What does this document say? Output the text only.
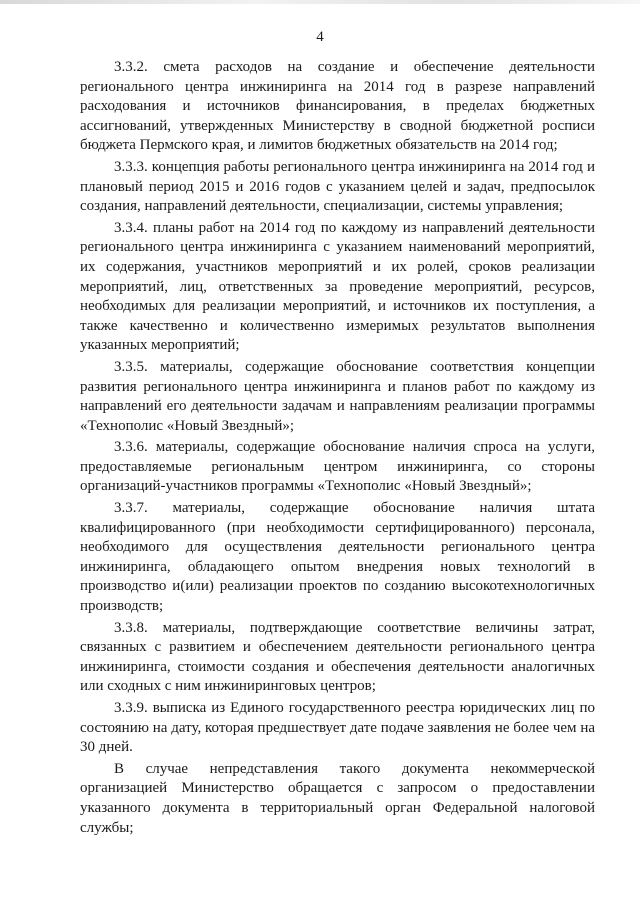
4

3.3.2. смета расходов на создание и обеспечение деятельности регионального центра инжиниринга на 2014 год в разрезе направлений расходования и источников финансирования, в пределах бюджетных ассигнований, утвержденных Министерству в сводной бюджетной росписи бюджета Пермского края, и лимитов бюджетных обязательств на 2014 год;

3.3.3. концепция работы регионального центра инжиниринга на 2014 год и плановый период 2015 и 2016 годов с указанием целей и задач, предпосылок создания, направлений деятельности, специализации, системы управления;

3.3.4. планы работ на 2014 год по каждому из направлений деятельности регионального центра инжиниринга с указанием наименований мероприятий, их содержания, участников мероприятий и их ролей, сроков реализации мероприятий, лиц, ответственных за проведение мероприятий, ресурсов, необходимых для реализации мероприятий, и источников их поступления, а также качественно и количественно измеримых результатов выполнения указанных мероприятий;

3.3.5. материалы, содержащие обоснование соответствия концепции развития регионального центра инжиниринга и планов работ по каждому из направлений его деятельности задачам и направлениям реализации программы «Технополис «Новый Звездный»;

3.3.6. материалы, содержащие обоснование наличия спроса на услуги, предоставляемые региональным центром инжиниринга, со стороны организаций-участников программы «Технополис «Новый Звездный»;

3.3.7. материалы, содержащие обоснование наличия штата квалифицированного (при необходимости сертифицированного) персонала, необходимого для осуществления деятельности регионального центра инжиниринга, обладающего опытом внедрения новых технологий в производство и(или) реализации проектов по созданию высокотехнологичных производств;

3.3.8. материалы, подтверждающие соответствие величины затрат, связанных с развитием и обеспечением деятельности регионального центра инжиниринга, стоимости создания и обеспечения деятельности аналогичных или сходных с ним инжиниринговых центров;

3.3.9. выписка из Единого государственного реестра юридических лиц по состоянию на дату, которая предшествует дате подаче заявления не более чем на 30 дней.

В случае непредставления такого документа некоммерческой организацией Министерство обращается с запросом о предоставлении указанного документа в территориальный орган Федеральной налоговой службы;
